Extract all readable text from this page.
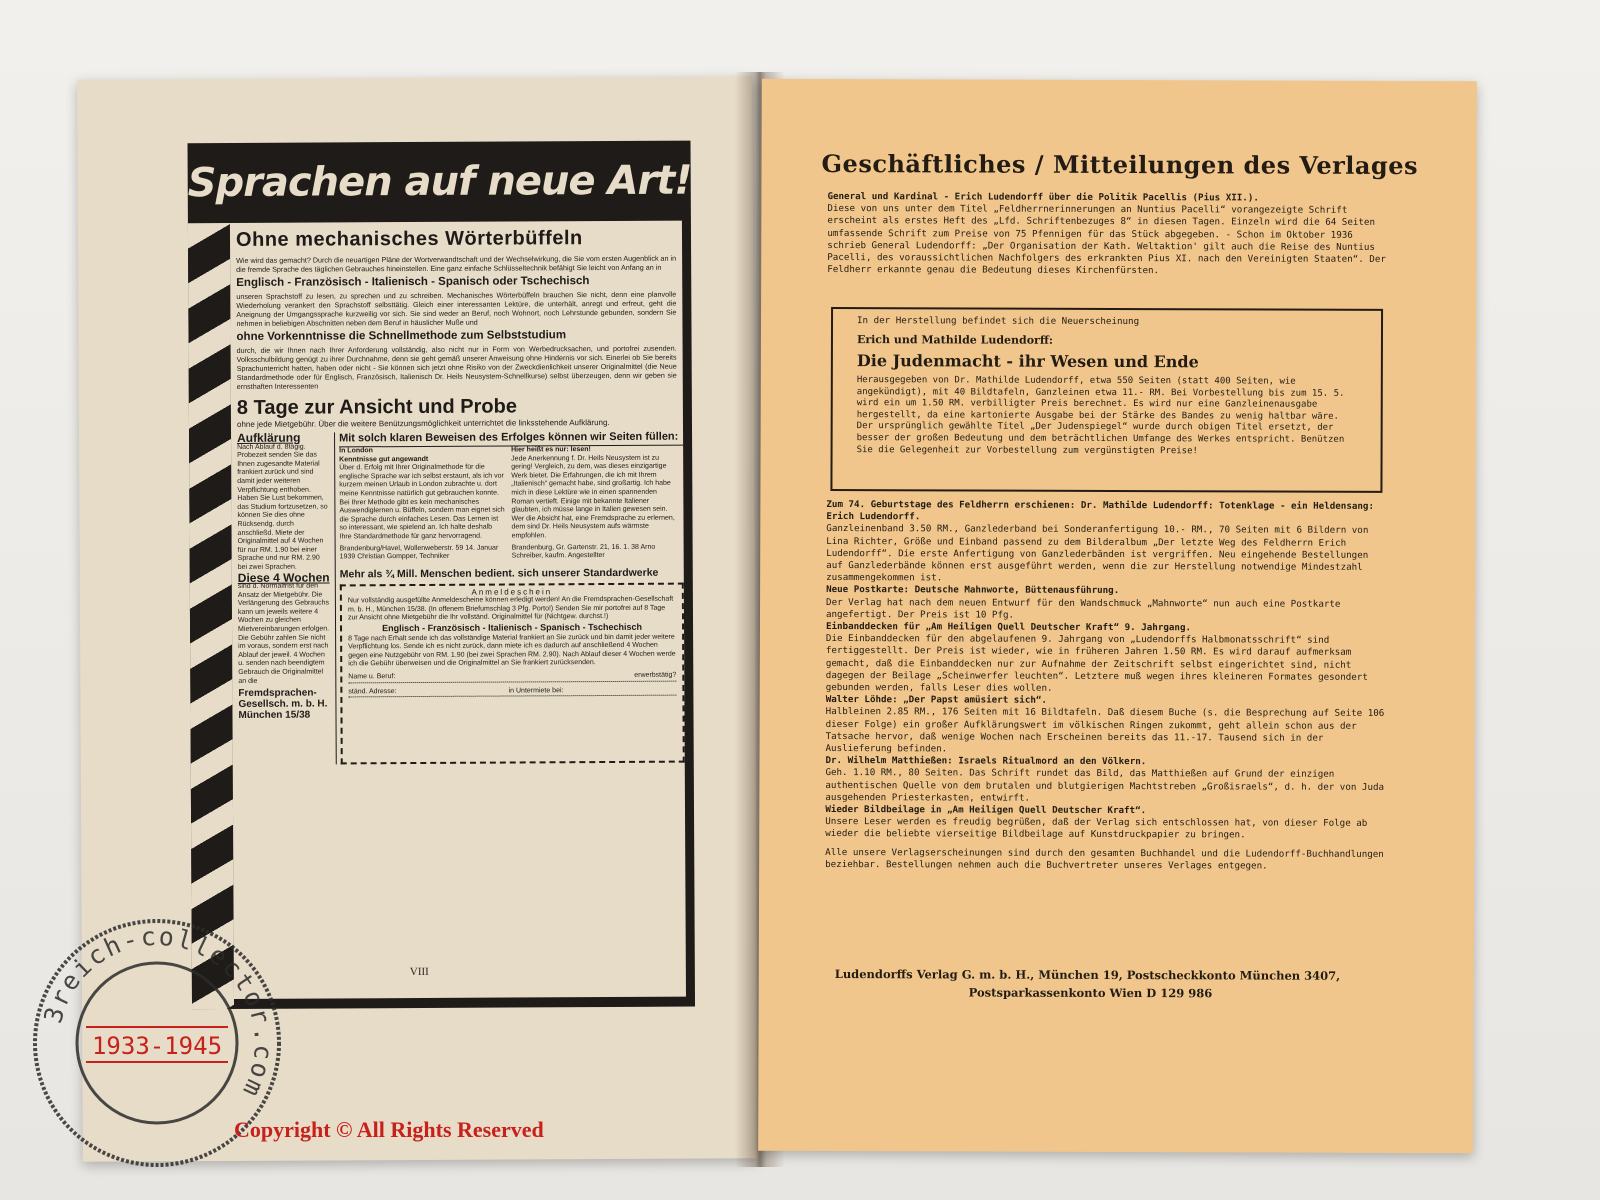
Sprachen auf neue Art!
Ohne mechanisches Wörterbüffeln

Wie wird das gemacht? Durch die neuartigen Pläne der Wortverwandtschaft und der Wechselwirkung, die Sie vom ersten Augenblick an in die fremde Sprache des täglichen Gebrauches hineinstellen. Eine ganz einfache Schlüsseltechnik befähigt Sie leicht von Anfang an in

Englisch - Französisch - Italienisch - Spanisch oder Tschechisch

unseren Sprachstoff zu lesen, zu sprechen und zu schreiben. Mechanisches Wörterbüffeln brauchen Sie nicht, denn eine planvolle Wiederholung verankert den Sprachstoff selbsttätig. Gleich einer interessanten Lektüre, die unterhält, anregt und erfreut, geht die Aneignung der Umgangssprache kurzweilig vor sich. Sie sind weder an Beruf, noch Wohnort, noch Lehrstunde gebunden, sondern Sie nehmen in beliebigen Abschnitten neben dem Beruf in häuslicher Muße und

ohne Vorkenntnisse die Schnellmethode zum Selbststudium

durch, die wir Ihnen nach Ihrer Anforderung vollständig, also nicht nur in Form von Werbedrucksachen, und portofrei zusenden. Volksschulbildung genügt zu ihrer Durchnahme, denn sie geht gemäß unserer Anweisung ohne Hindernis vor sich. Einerlei ob Sie bereits Sprachunterricht hatten, haben oder nicht - Sie können sich jetzt ohne Risiko von der Zweckdienlichkeit unserer Originalmittel (die Neue Standardmethode oder für Englisch, Französisch, Italienisch Dr. Heils Neusystem-Schnellkurse) selbst überzeugen, denn wir geben sie ernsthaften Interessenten

8 Tage zur Ansicht und Probe
ohne jede Mietgebühr. Über die weitere Benützungsmöglichkeit unterrichtet die linksstehende Aufklärung.
Aufklärung
Nach Ablauf d. 8tägig. Probezeit senden Sie das Ihnen zugesandte Material frankiert zurück und sind damit jeder weiteren Verpflichtung enthoben. Haben Sie Lust bekommen, das Studium fortzusetzen, so können Sie dies ohne Rücksendg. durch anschließd. Miete der Originalmittel auf 4 Wochen für nur RM. 1.90 bei einer Sprache und nur RM. 2.90 bei zwei Sprachen.
Diese 4 Wochen
sind d. Normalfrist für den Ansatz der Mietgebühr. Die Verlängerung des Gebrauchs kann um jeweils weitere 4 Wochen zu gleichen Mietvereinbarungen erfolgen. Die Gebühr zahlen Sie nicht im voraus, sondern erst nach Ablauf der jeweil. 4 Wochen u. senden nach beendigtem Gebrauch die Originalmittel an die
Fremdsprachen-Gesellsch. m. b. H. München 15/38
Mit solch klaren Beweisen des Erfolges können wir Seiten füllen:
In London
Kenntnisse gut angewandt
Über d. Erfolg mit Ihrer Originalmethode für die englische Sprache war ich selbst erstaunt, als ich vor kurzem meinen Urlaub in London zubrachte u. dort meine Kenntnisse natürlich gut gebrauchen konnte. Bei Ihrer Methode gibt es kein mechanisches Auswendiglernen u. Büffeln, sondern man eignet sich die Sprache durch einfaches Lesen. Das Lernen ist so interessant, wie spielend an. Ich halte deshalb Ihre Standardmethode für ganz hervorragend.
Brandenburg/Havel, Wollenweberstr. 59 14. Januar 1939 Christian Gompper, Techniker
Hier heißt es nur: lesen!
Jede Anerkennung f. Dr. Heils Neusystem ist zu gering! Vergleich, zu dem, was dieses einzigartige Werk bietet. Die Erfahrungen, die ich mit Ihrem „Italienisch“ gemacht habe, sind großartig. Ich habe mich in diese Lektüre wie in einen spannenden Roman vertieft. Einige mit bekannte Italiener glaubten, ich müsse lange in Italien gewesen sein. Wer die Absicht hat, eine Fremdsprache zu erlernen, dem sind Dr. Heils Neusystem aufs wärmste empfohlen.
Brandenburg, Gr. Gartenstr. 21, 16. 1. 38 Arno Schreiber, kaufm. Angestellter
Mehr als ¾ Mill. Menschen bedient. sich unserer Standardwerke
Anmeldeschein
Nur vollständig ausgefüllte Anmeldescheine können erledigt werden! An die Fremdsprachen-Gesellschaft m. b. H., München 15/38. (In offenem Briefumschlag 3 Pfg. Porto!) Senden Sie mir portofrei auf 8 Tage zur Ansicht ohne Mietgebühr die Ihr vollständ. Originalmittel für (Nichtgew. durchst.!)
Englisch - Französisch - Italienisch - Spanisch - Tschechisch
8 Tage nach Erhalt sende ich das vollständige Material frankiert an Sie zurück und bin damit jeder weitere Verpflichtung los. Sende ich es nicht zurück, dann miete ich es dadurch auf anschließend 4 Wochen gegen eine Nutzgebühr von RM. 1.90 (bei zwei Sprachen RM. 2.90). Nach Ablauf dieser 4 Wochen werde ich die Gebühr überweisen und die Originalmittel an Sie frankiert zurücksenden.
Name u. Beruf:	erwerbstätig?
ständ. Adresse:	in Untermiete bei:
VIII
Geschäftliches / Mitteilungen des Verlages
General und Kardinal - Erich Ludendorff über die Politik Pacellis (Pius XII.).
Diese von uns unter dem Titel „Feldherrnerinnerungen an Nuntius Pacelli“ vorangezeigte Schrift erscheint als erstes Heft des „Lfd. Schriftenbezuges 8“ in diesen Tagen. Einzeln wird die 64 Seiten umfassende Schrift zum Preise von 75 Pfennigen für das Stück abgegeben. - Schon im Oktober 1936 schrieb General Ludendorff: „Der Organisation der Kath. Weltaktion' gilt auch die Reise des Nuntius Pacelli, des voraussichtlichen Nachfolgers des erkrankten Pius XI. nach den Vereinigten Staaten“. Der Feldherr erkannte genau die Bedeutung dieses Kirchenfürsten.
In der Herstellung befindet sich die Neuerscheinung
Erich und Mathilde Ludendorff:
Die Judenmacht - ihr Wesen und Ende
Herausgegeben von Dr. Mathilde Ludendorff, etwa 550 Seiten (statt 400 Seiten, wie angekündigt), mit 40 Bildtafeln, Ganzleinen etwa 11.- RM. Bei Vorbestellung bis zum 15. 5. wird ein um 1.50 RM. verbilligter Preis berechnet. Es wird nur eine Ganzleinenausgabe hergestellt, da eine kartonierte Ausgabe bei der Stärke des Bandes zu wenig haltbar wäre. Der ursprünglich gewählte Titel „Der Judenspiegel“ wurde durch obigen Titel ersetzt, der besser der großen Bedeutung und dem beträchtlichen Umfange des Werkes entspricht. Benützen Sie die Gelegenheit zur Vorbestellung zum vergünstigten Preise!
Zum 74. Geburtstage des Feldherrn erschienen: Dr. Mathilde Ludendorff: Totenklage - ein Heldensang: Erich Ludendorff.
Ganzleinenband 3.50 RM., Ganzlederband bei Sonderanfertigung 10.- RM., 70 Seiten mit 6 Bildern von Lina Richter, Größe und Einband passend zu dem Bilderalbum „Der letzte Weg des Feldherrn Erich Ludendorff“. Die erste Anfertigung von Ganzlederbänden ist vergriffen. Neu eingehende Bestellungen auf Ganzlederbände können erst ausgeführt werden, wenn die zur Herstellung notwendige Mindestzahl zusammengekommen ist.
Neue Postkarte: Deutsche Mahnworte, Büttenausführung.
Der Verlag hat nach dem neuen Entwurf für den Wandschmuck „Mahnworte“ nun auch eine Postkarte angefertigt. Der Preis ist 10 Pfg.
Einbanddecken für „Am Heiligen Quell Deutscher Kraft“ 9. Jahrgang.
Die Einbanddecken für den abgelaufenen 9. Jahrgang von „Ludendorffs Halbmonatsschrift“ sind fertiggestellt. Der Preis ist wieder, wie in früheren Jahren 1.50 RM. Es wird darauf aufmerksam gemacht, daß die Einbanddecken nur zur Aufnahme der Zeitschrift selbst eingerichtet sind, nicht dagegen der Beilage „Scheinwerfer leuchten“. Letztere muß wegen ihres kleineren Formates gesondert gebunden werden, falls Leser dies wollen.
Walter Löhde: „Der Papst amüsiert sich“.
Halbleinen 2.85 RM., 176 Seiten mit 16 Bildtafeln. Daß diesem Buche (s. die Besprechung auf Seite 106 dieser Folge) ein großer Aufklärungswert im völkischen Ringen zukommt, geht allein schon aus der Tatsache hervor, daß wenige Wochen nach Erscheinen bereits das 11.-17. Tausend sich in der Auslieferung befinden.
Dr. Wilhelm Matthießen: Israels Ritualmord an den Völkern.
Geh. 1.10 RM., 80 Seiten. Das Schrift rundet das Bild, das Matthießen auf Grund der einzigen authentischen Quelle von dem brutalen und blutgierigen Machtstreben „Großisraels“, d. h. der von Juda ausgehenden Priesterkasten, entwirft.
Wieder Bildbeilage in „Am Heiligen Quell Deutscher Kraft“.
Unsere Leser werden es freudig begrüßen, daß der Verlag sich entschlossen hat, von dieser Folge ab wieder die beliebte vierseitige Bildbeilage auf Kunstdruckpapier zu bringen.
Alle unsere Verlagserscheinungen sind durch den gesamten Buchhandel und die Ludendorff-Buchhandlungen beziehbar. Bestellungen nehmen auch die Buchvertreter unseres Verlages entgegen.
Ludendorffs Verlag G. m. b. H., München 19, Postscheckkonto München 3407,
Postsparkassenkonto Wien D 129 986
3reich-collector.com
1933-1945
Copyright © All Rights Reserved
